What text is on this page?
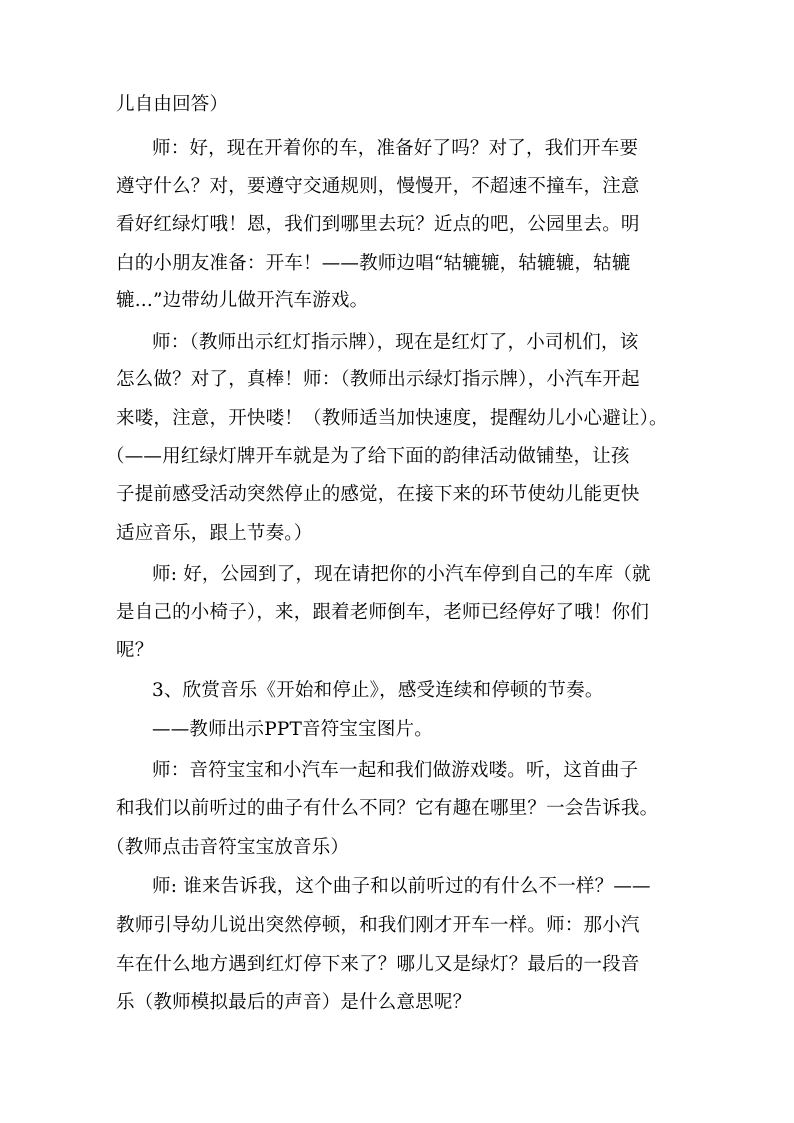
儿自由回答）
师：好，现在开着你的车，准备好了吗？对了，我们开车要
遵守什么？对，要遵守交通规则，慢慢开，不超速不撞车，注意
看好红绿灯哦！恩，我们到哪里去玩？近点的吧，公园里去。明
白的小朋友准备：开车！——教师边唱“轱辘辘，轱辘辘，轱辘
辘...”边带幼儿做开汽车游戏。
师：（教师出示红灯指示牌），现在是红灯了，小司机们，该
怎么做？对了，真棒！师：（教师出示绿灯指示牌），小汽车开起
来喽，注意，开快喽！（教师适当加快速度，提醒幼儿小心避让）。
（——用红绿灯牌开车就是为了给下面的韵律活动做铺垫，让孩
子提前感受活动突然停止的感觉，在接下来的环节使幼儿能更快
适应音乐，跟上节奏。）
师: 好，公园到了，现在请把你的小汽车停到自己的车库（就
是自己的小椅子），来，跟着老师倒车，老师已经停好了哦！你们
呢？
3、欣赏音乐《开始和停止》，感受连续和停顿的节奏。
——教师出示PPT音符宝宝图片。
师：音符宝宝和小汽车一起和我们做游戏喽。听，这首曲子
和我们以前听过的曲子有什么不同？它有趣在哪里？一会告诉我。
（教师点击音符宝宝放音乐）
师: 谁来告诉我，这个曲子和以前听过的有什么不一样？——
教师引导幼儿说出突然停顿，和我们刚才开车一样。师：那小汽
车在什么地方遇到红灯停下来了？哪儿又是绿灯？最后的一段音
乐（教师模拟最后的声音）是什么意思呢？
